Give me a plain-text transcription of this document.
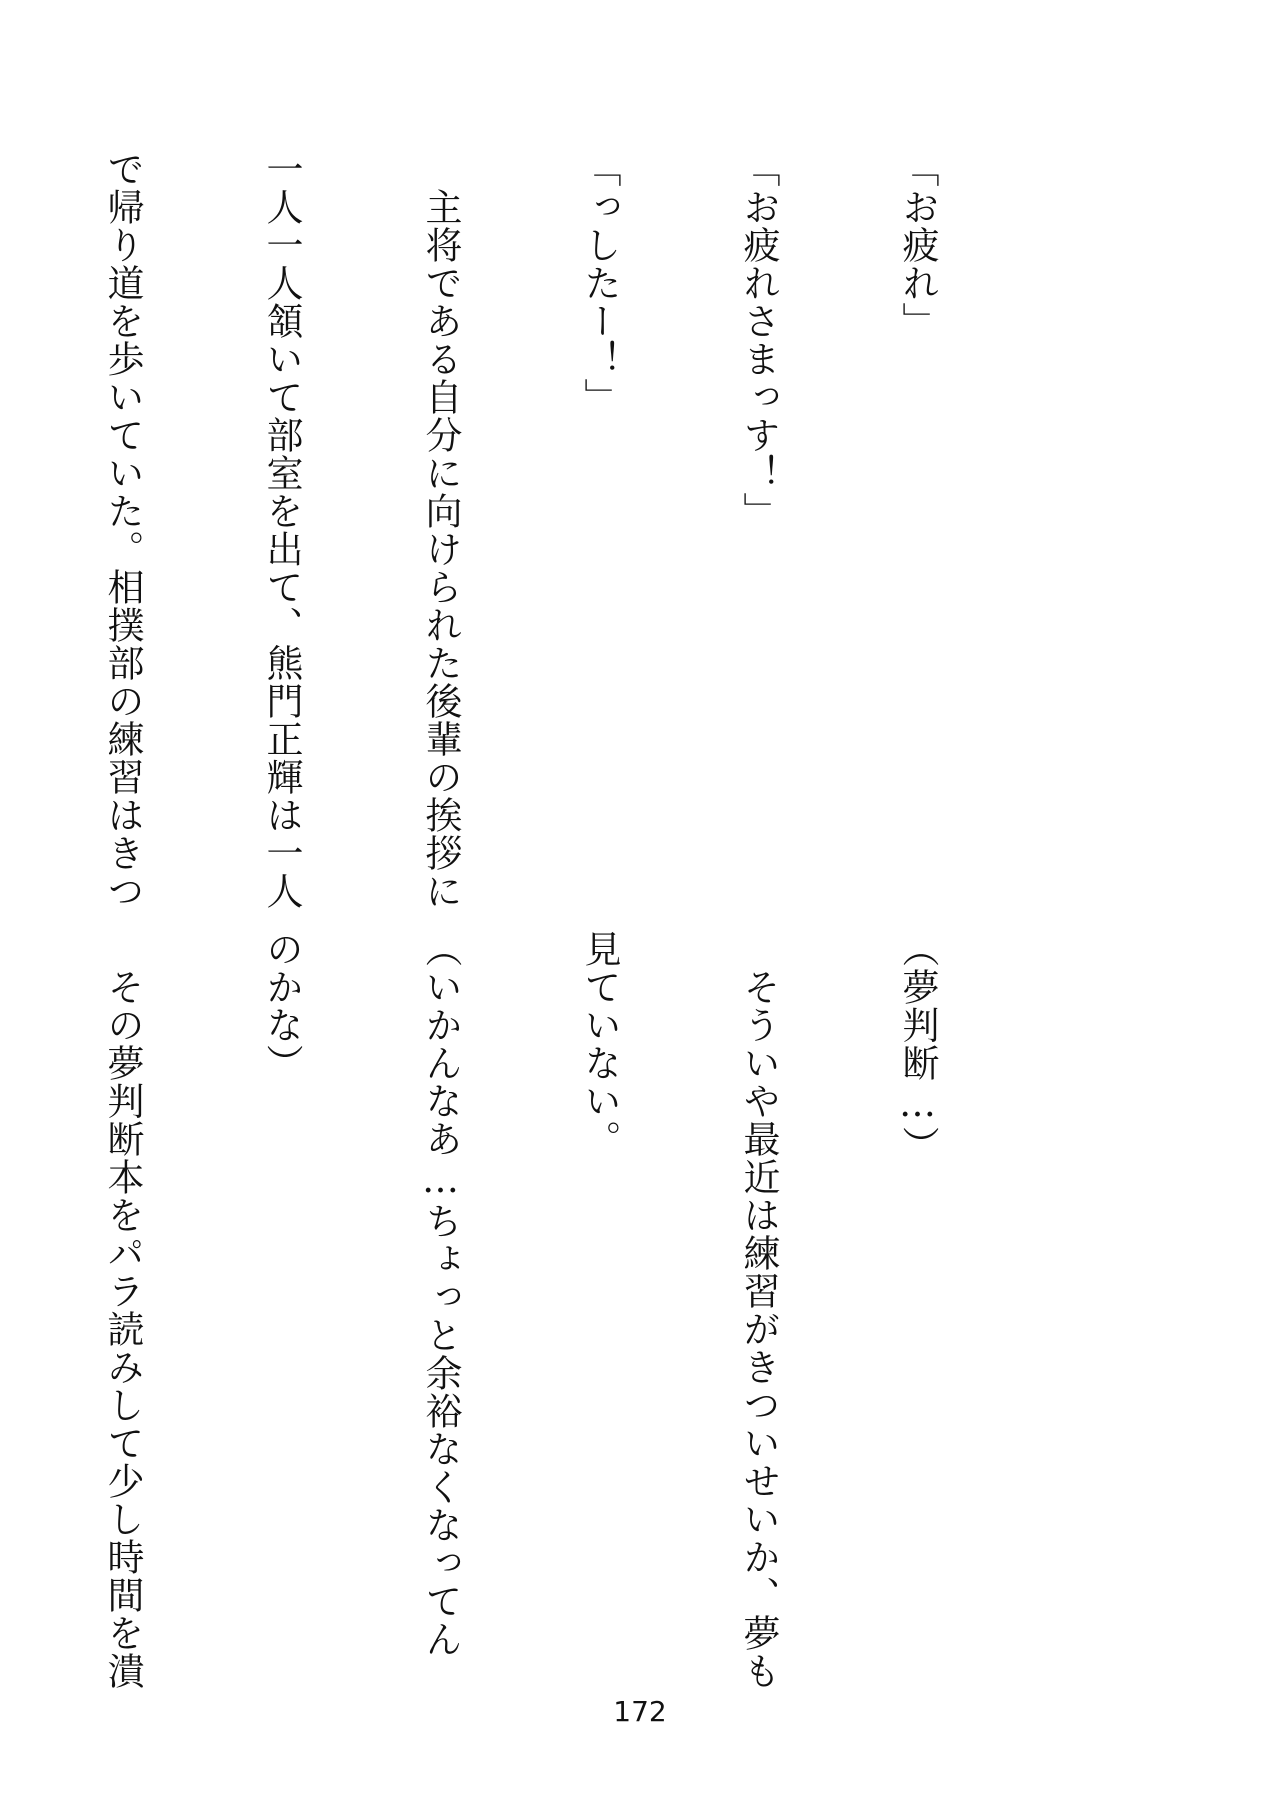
「お疲れ」

「お疲れさまっす！」

「っしたー！」

　主将である自分に向けられた後輩の挨拶に

一人一人頷いて部室を出て、熊門正輝は一人

で帰り道を歩いていた。相撲部の練習はきつ

（夢判断…）

　そういや最近は練習がきついせいか、夢も

見ていない。

（いかんなあ…ちょっと余裕なくなってん

のかな）

　その夢判断本をパラ読みして少し時間を潰

172
